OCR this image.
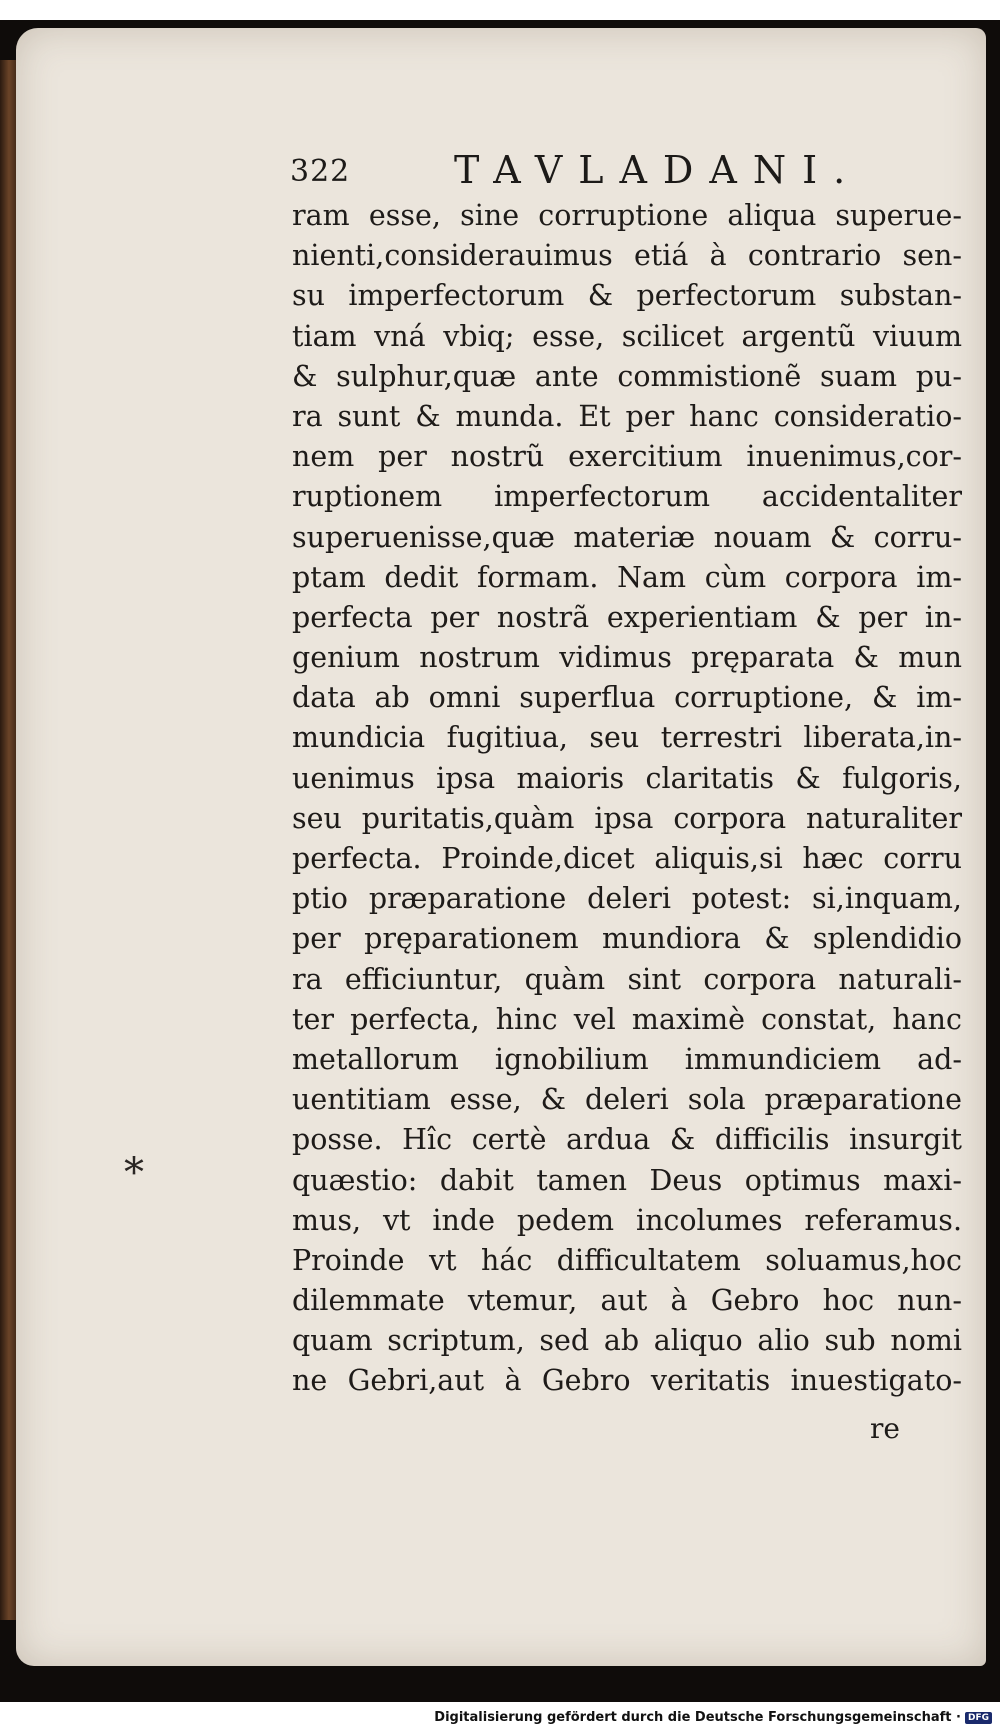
322	TAVLADANI.
ram esse, sine corruptione aliqua superue-
nienti,considerauimus etiá à contrario sen-
su imperfectorum & perfectorum substan-
tiam vná vbiq; esse, scilicet argentũ viuum
& sulphur,quæ ante commistionẽ suam pu-
ra sunt & munda. Et per hanc consideratio-
nem per nostrũ exercitium inuenimus,cor-
ruptionem imperfectorum accidentaliter
superuenisse,quæ materiæ nouam & corru-
ptam dedit formam. Nam cùm corpora im-
perfecta per nostrã experientiam & per in-
genium nostrum vidimus pręparata & mun
data ab omni superflua corruptione, & im-
mundicia fugitiua, seu terrestri liberata,in-
uenimus ipsa maioris claritatis & fulgoris,
seu puritatis,quàm ipsa corpora naturaliter
perfecta. Proinde,dicet aliquis,si hæc corru
ptio præparatione deleri potest: si,inquam,
per pręparationem mundiora & splendidio
ra efficiuntur, quàm sint corpora naturali-
ter perfecta, hinc vel maximè constat, hanc
metallorum ignobilium immundiciem ad-
uentitiam esse, & deleri sola præparatione
posse. Hîc certè ardua & difficilis insurgit
quæstio: dabit tamen Deus optimus maxi-
mus, vt inde pedem incolumes referamus.
Proinde vt hác difficultatem soluamus,hoc
dilemmate vtemur, aut à Gebro hoc nun-
quam scriptum, sed ab aliquo alio sub nomi
ne Gebri,aut à Gebro veritatis inuestigato-
re
*
Digitalisierung gefördert durch die Deutsche Forschungsgemeinschaft · DFG
